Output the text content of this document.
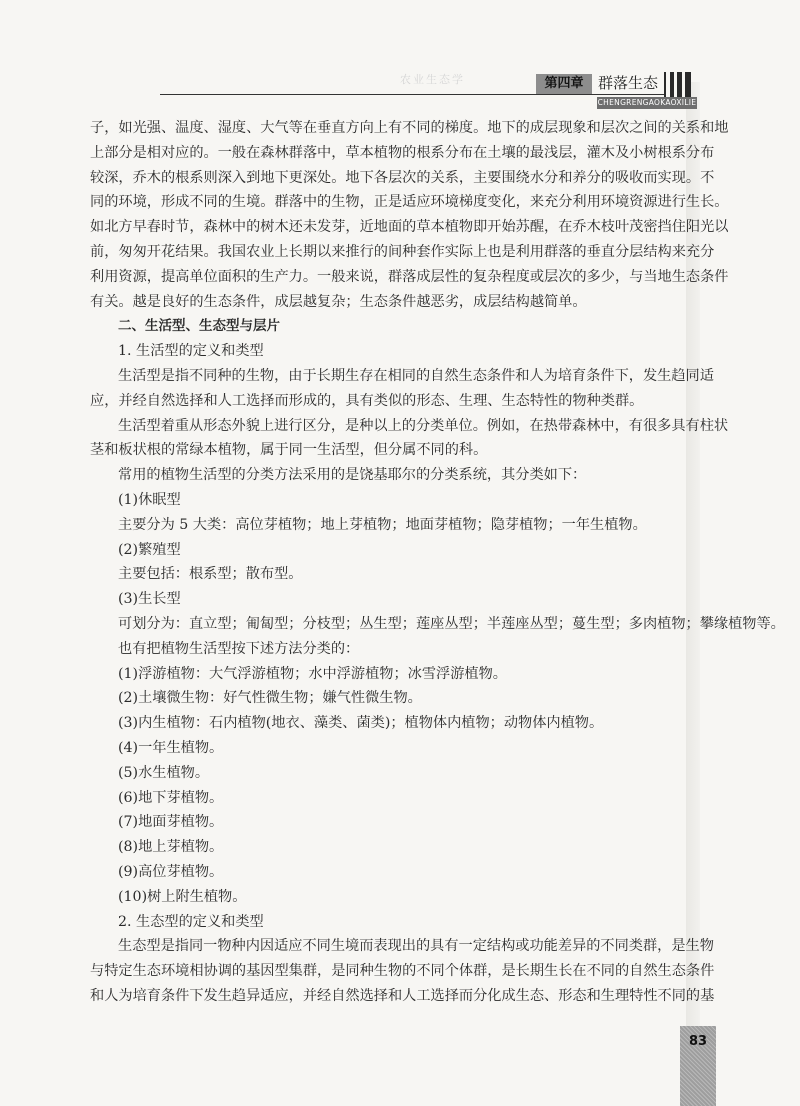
农业生态学	第四章 群落生态
CHENGRENGAOKAOXILIE
子，如光强、温度、湿度、大气等在垂直方向上有不同的梯度。地下的成层现象和层次之间的关系和地
上部分是相对应的。一般在森林群落中，草本植物的根系分布在土壤的最浅层，灌木及小树根系分布
较深，乔木的根系则深入到地下更深处。地下各层次的关系，主要围绕水分和养分的吸收而实现。不
同的环境，形成不同的生境。群落中的生物，正是适应环境梯度变化，来充分利用环境资源进行生长。
如北方早春时节，森林中的树木还未发芽，近地面的草本植物即开始苏醒，在乔木枝叶茂密挡住阳光以
前，匆匆开花结果。我国农业上长期以来推行的间种套作实际上也是利用群落的垂直分层结构来充分
利用资源，提高单位面积的生产力。一般来说，群落成层性的复杂程度或层次的多少，与当地生态条件
有关。越是良好的生态条件，成层越复杂；生态条件越恶劣，成层结构越简单。
二、生活型、生态型与层片
1. 生活型的定义和类型
生活型是指不同种的生物，由于长期生存在相同的自然生态条件和人为培育条件下，发生趋同适
应，并经自然选择和人工选择而形成的，具有类似的形态、生理、生态特性的物种类群。
生活型着重从形态外貌上进行区分，是种以上的分类单位。例如，在热带森林中，有很多具有柱状
茎和板状根的常绿本植物，属于同一生活型，但分属不同的科。
常用的植物生活型的分类方法采用的是饶基耶尔的分类系统，其分类如下：
(1)休眠型
主要分为 5 大类：高位芽植物；地上芽植物；地面芽植物；隐芽植物；一年生植物。
(2)繁殖型
主要包括：根系型；散布型。
(3)生长型
可划分为：直立型；匍匐型；分枝型；丛生型；莲座丛型；半莲座丛型；蔓生型；多肉植物；攀缘植物等。
也有把植物生活型按下述方法分类的：
(1)浮游植物：大气浮游植物；水中浮游植物；冰雪浮游植物。
(2)土壤微生物：好气性微生物；嫌气性微生物。
(3)内生植物：石内植物(地衣、藻类、菌类)；植物体内植物；动物体内植物。
(4)一年生植物。
(5)水生植物。
(6)地下芽植物。
(7)地面芽植物。
(8)地上芽植物。
(9)高位芽植物。
(10)树上附生植物。
2. 生态型的定义和类型
生态型是指同一物种内因适应不同生境而表现出的具有一定结构或功能差异的不同类群，是生物
与特定生态环境相协调的基因型集群，是同种生物的不同个体群，是长期生长在不同的自然生态条件
和人为培育条件下发生趋异适应，并经自然选择和人工选择而分化成生态、形态和生理特性不同的基
83
